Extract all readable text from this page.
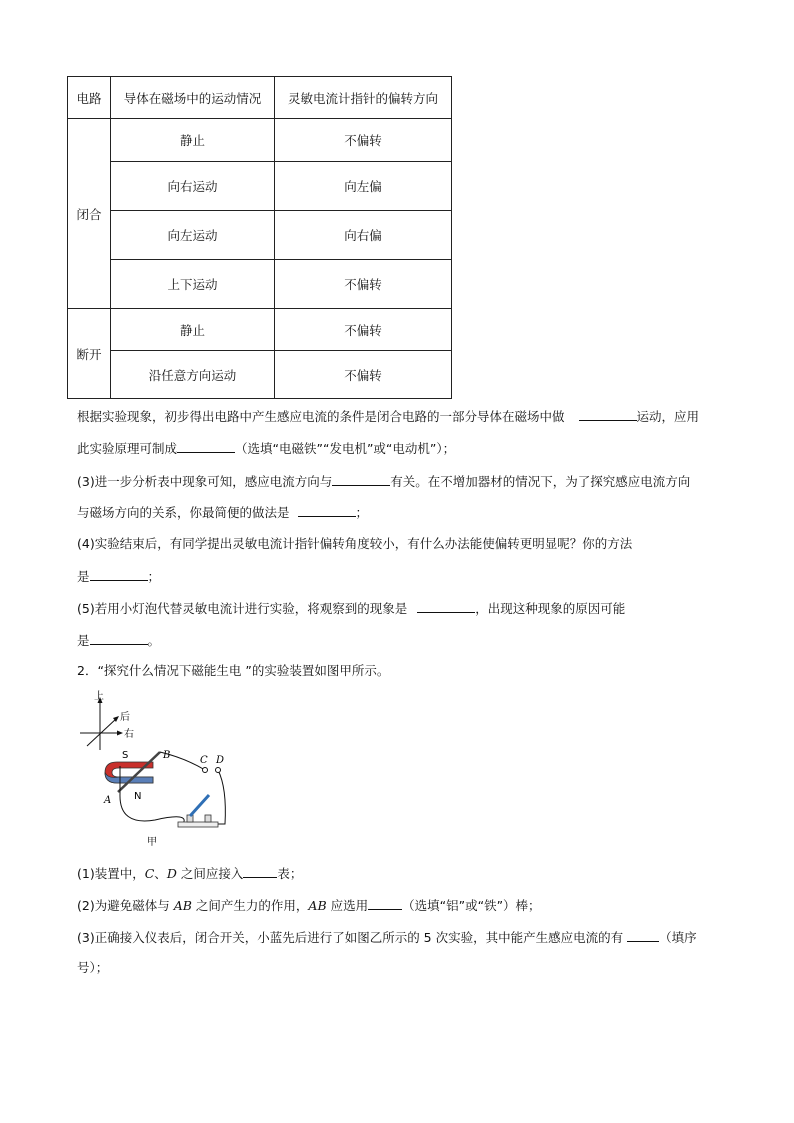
电路	导体在磁场中的运动情况	灵敏电流计指针的偏转方向
闭合	静止	不偏转
	向右运动	向左偏
	向左运动	向右偏
	上下运动	不偏转
断开	静止	不偏转
	沿任意方向运动	不偏转
根据实验现象，初步得出电路中产生感应电流的条件是闭合电路的一部分导体在磁场中做	运动，应用
此实验原理可制成	（选填“电磁铁”“发电机”或“电动机”）；
(3)进一步分析表中现象可知，感应电流方向与	有关。在不增加器材的情况下，为了探究感应电流方向
与磁场方向的关系，你最简便的做法是	；
(4)实验结束后，有同学提出灵敏电流计指针偏转角度较小，有什么办法能使偏转更明显呢？你的方法
是	；
(5)若用小灯泡代替灵敏电流计进行实验，将观察到的现象是	，出现这种现象的原因可能
是	。
2．“探究什么情况下磁能生电 ”的实验装置如图甲所示。
上
后
右
S
N
B
A
C D
甲
(1)装置中，C、D 之间应接入	表；
(2)为避免磁体与 AB 之间产生力的作用，AB 应选用	（选填“铝”或“铁”）棒；
(3)正确接入仪表后，闭合开关，小蓝先后进行了如图乙所示的 5 次实验，其中能产生感应电流的有	（填序
号）；
